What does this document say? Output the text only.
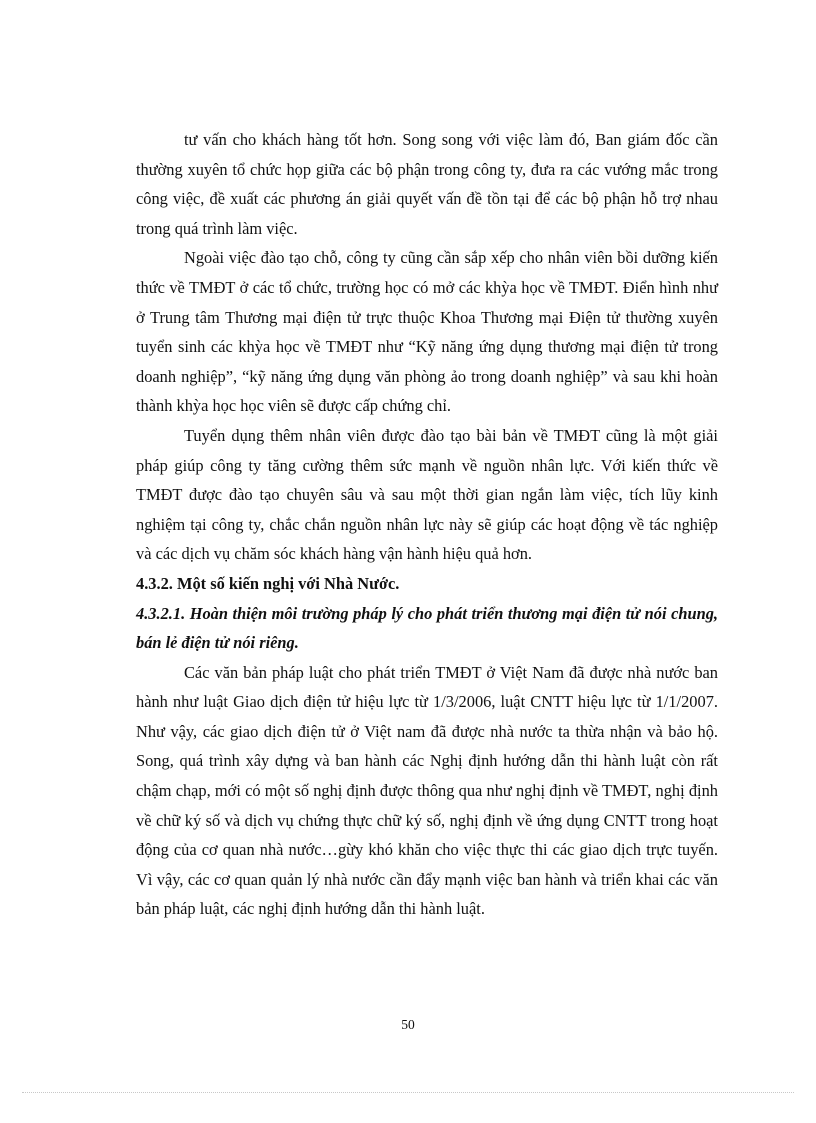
tư vấn cho khách hàng tốt hơn. Song song với việc làm đó, Ban giám đốc cần thường xuyên tổ chức họp giữa các bộ phận trong công ty, đưa ra các vướng mắc trong công việc, đề xuất các phương án giải quyết vấn đề tồn tại để các bộ phận hỗ trợ nhau trong quá trình làm việc.

Ngoài việc đào tạo chỗ, công ty cũng cần sắp xếp cho nhân viên bồi dưỡng kiến thức về TMĐT ở các tổ chức, trường học có mở các khỳa học về TMĐT. Điển hình như ở Trung tâm Thương mại điện tử trực thuộc Khoa Thương mại Điện tử thường xuyên tuyển sinh các khỳa học về TMĐT như “Kỹ năng ứng dụng thương mại điện tử trong doanh nghiệp”, “kỹ năng ứng dụng văn phòng ảo trong doanh nghiệp” và sau khi hoàn thành khỳa học học viên sẽ được cấp chứng chỉ.

Tuyển dụng thêm nhân viên được đào tạo bài bản về TMĐT cũng là một giải pháp giúp công ty tăng cường thêm sức mạnh về nguồn nhân lực. Với kiến thức về TMĐT được đào tạo chuyên sâu và sau một thời gian ngắn làm việc, tích lũy kinh nghiệm tại công ty, chắc chắn nguồn nhân lực này sẽ giúp các hoạt động về tác nghiệp và các dịch vụ chăm sóc khách hàng vận hành hiệu quả hơn.

4.3.2. Một số kiến nghị với Nhà Nước.

4.3.2.1. Hoàn thiện môi trường pháp lý cho phát triển thương mại điện tử nói chung, bán lẻ điện tử nói riêng.

Các văn bản pháp luật cho phát triển TMĐT ở Việt Nam đã được nhà nước ban hành như luật Giao dịch điện tử hiệu lực từ 1/3/2006, luật CNTT hiệu lực từ 1/1/2007. Như vậy, các giao dịch điện tử ở Việt nam đã được nhà nước ta thừa nhận và bảo hộ. Song, quá trình xây dựng và ban hành các Nghị định hướng dẫn thi hành luật còn rất chậm chạp, mới có một số nghị định được thông qua như nghị định về TMĐT, nghị định về chữ ký số và dịch vụ chứng thực chữ ký số, nghị định về ứng dụng CNTT trong hoạt động của cơ quan nhà nước…gừy khó khăn cho việc thực thi các giao dịch trực tuyến. Vì vậy, các cơ quan quản lý nhà nước cần đẩy mạnh việc ban hành và triển khai các văn bản pháp luật, các nghị định hướng dẫn thi hành luật.

50
